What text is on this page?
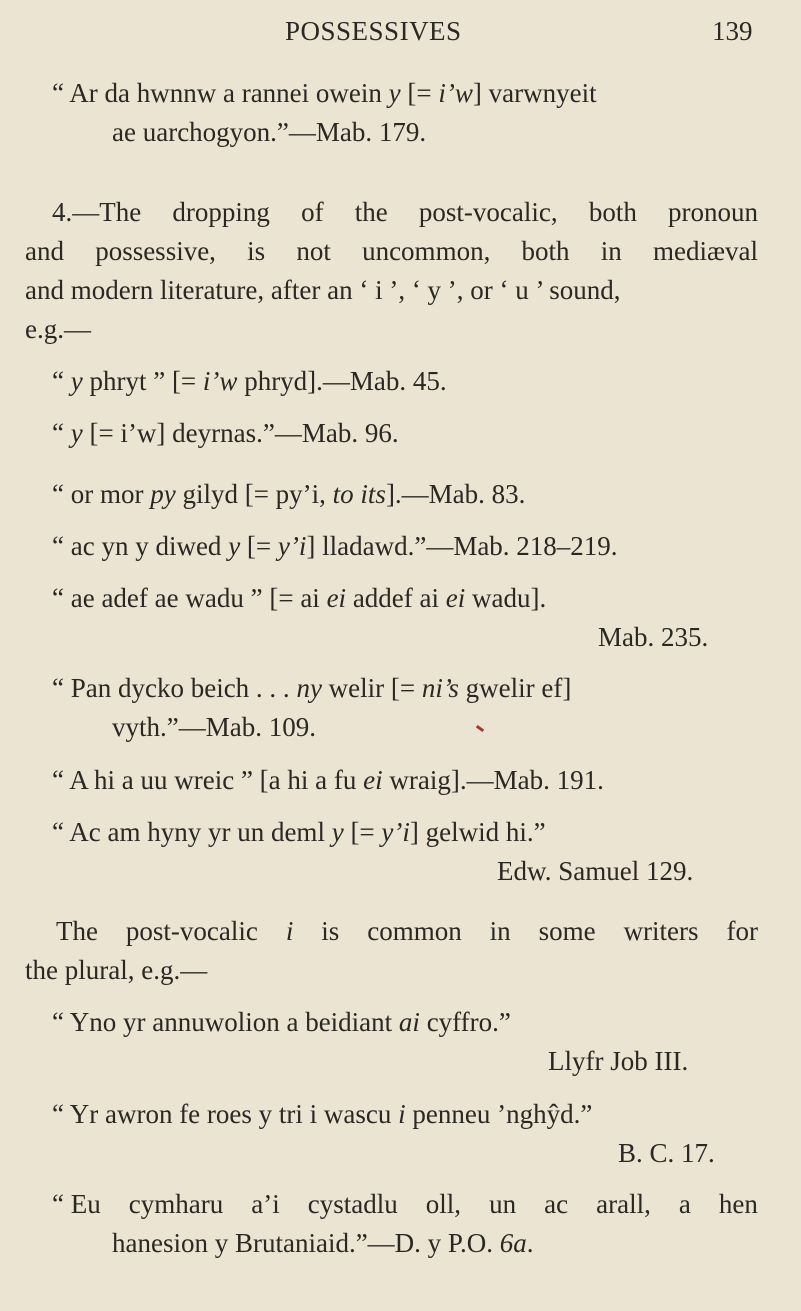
POSSESSIVES	139
“ Ar da hwnnw a rannei owein y [= i’w] varwnyeit
ae uarchogyon.”—Mab. 179.
4.—The dropping of the post-vocalic, both pronoun
and possessive, is not uncommon, both in mediæval
and modern literature, after an ‘ i ’, ‘ y ’, or ‘ u ’ sound,
e.g.—
“ y phryt ” [= i’w phryd].—Mab. 45.
“ y [= i’w] deyrnas.”—Mab. 96.
“ or mor py gilyd [= py’i, to its].—Mab. 83.
“ ac yn y diwed y [= y’i] lladawd.”—Mab. 218–219.
“ ae adef ae wadu ” [= ai ei addef ai ei wadu].
Mab. 235.
“ Pan dycko beich . . . ny welir [= ni’s gwelir ef]
vyth.”—Mab. 109.
“ A hi a uu wreic ” [a hi a fu ei wraig].—Mab. 191.
“ Ac am hyny yr un deml y [= y’i] gelwid hi.”
Edw. Samuel 129.
The post-vocalic i is common in some writers for
the plural, e.g.—
“ Yno yr annuwolion a beidiant ai cyffro.”
Llyfr Job III.
“ Yr awron fe roes y tri i wascu i penneu ’nghŷd.”
B. C. 17.
“ Eu cymharu a’i cystadlu oll, un ac arall, a hen
hanesion y Brutaniaid.”—D. y P.O. 6a.
